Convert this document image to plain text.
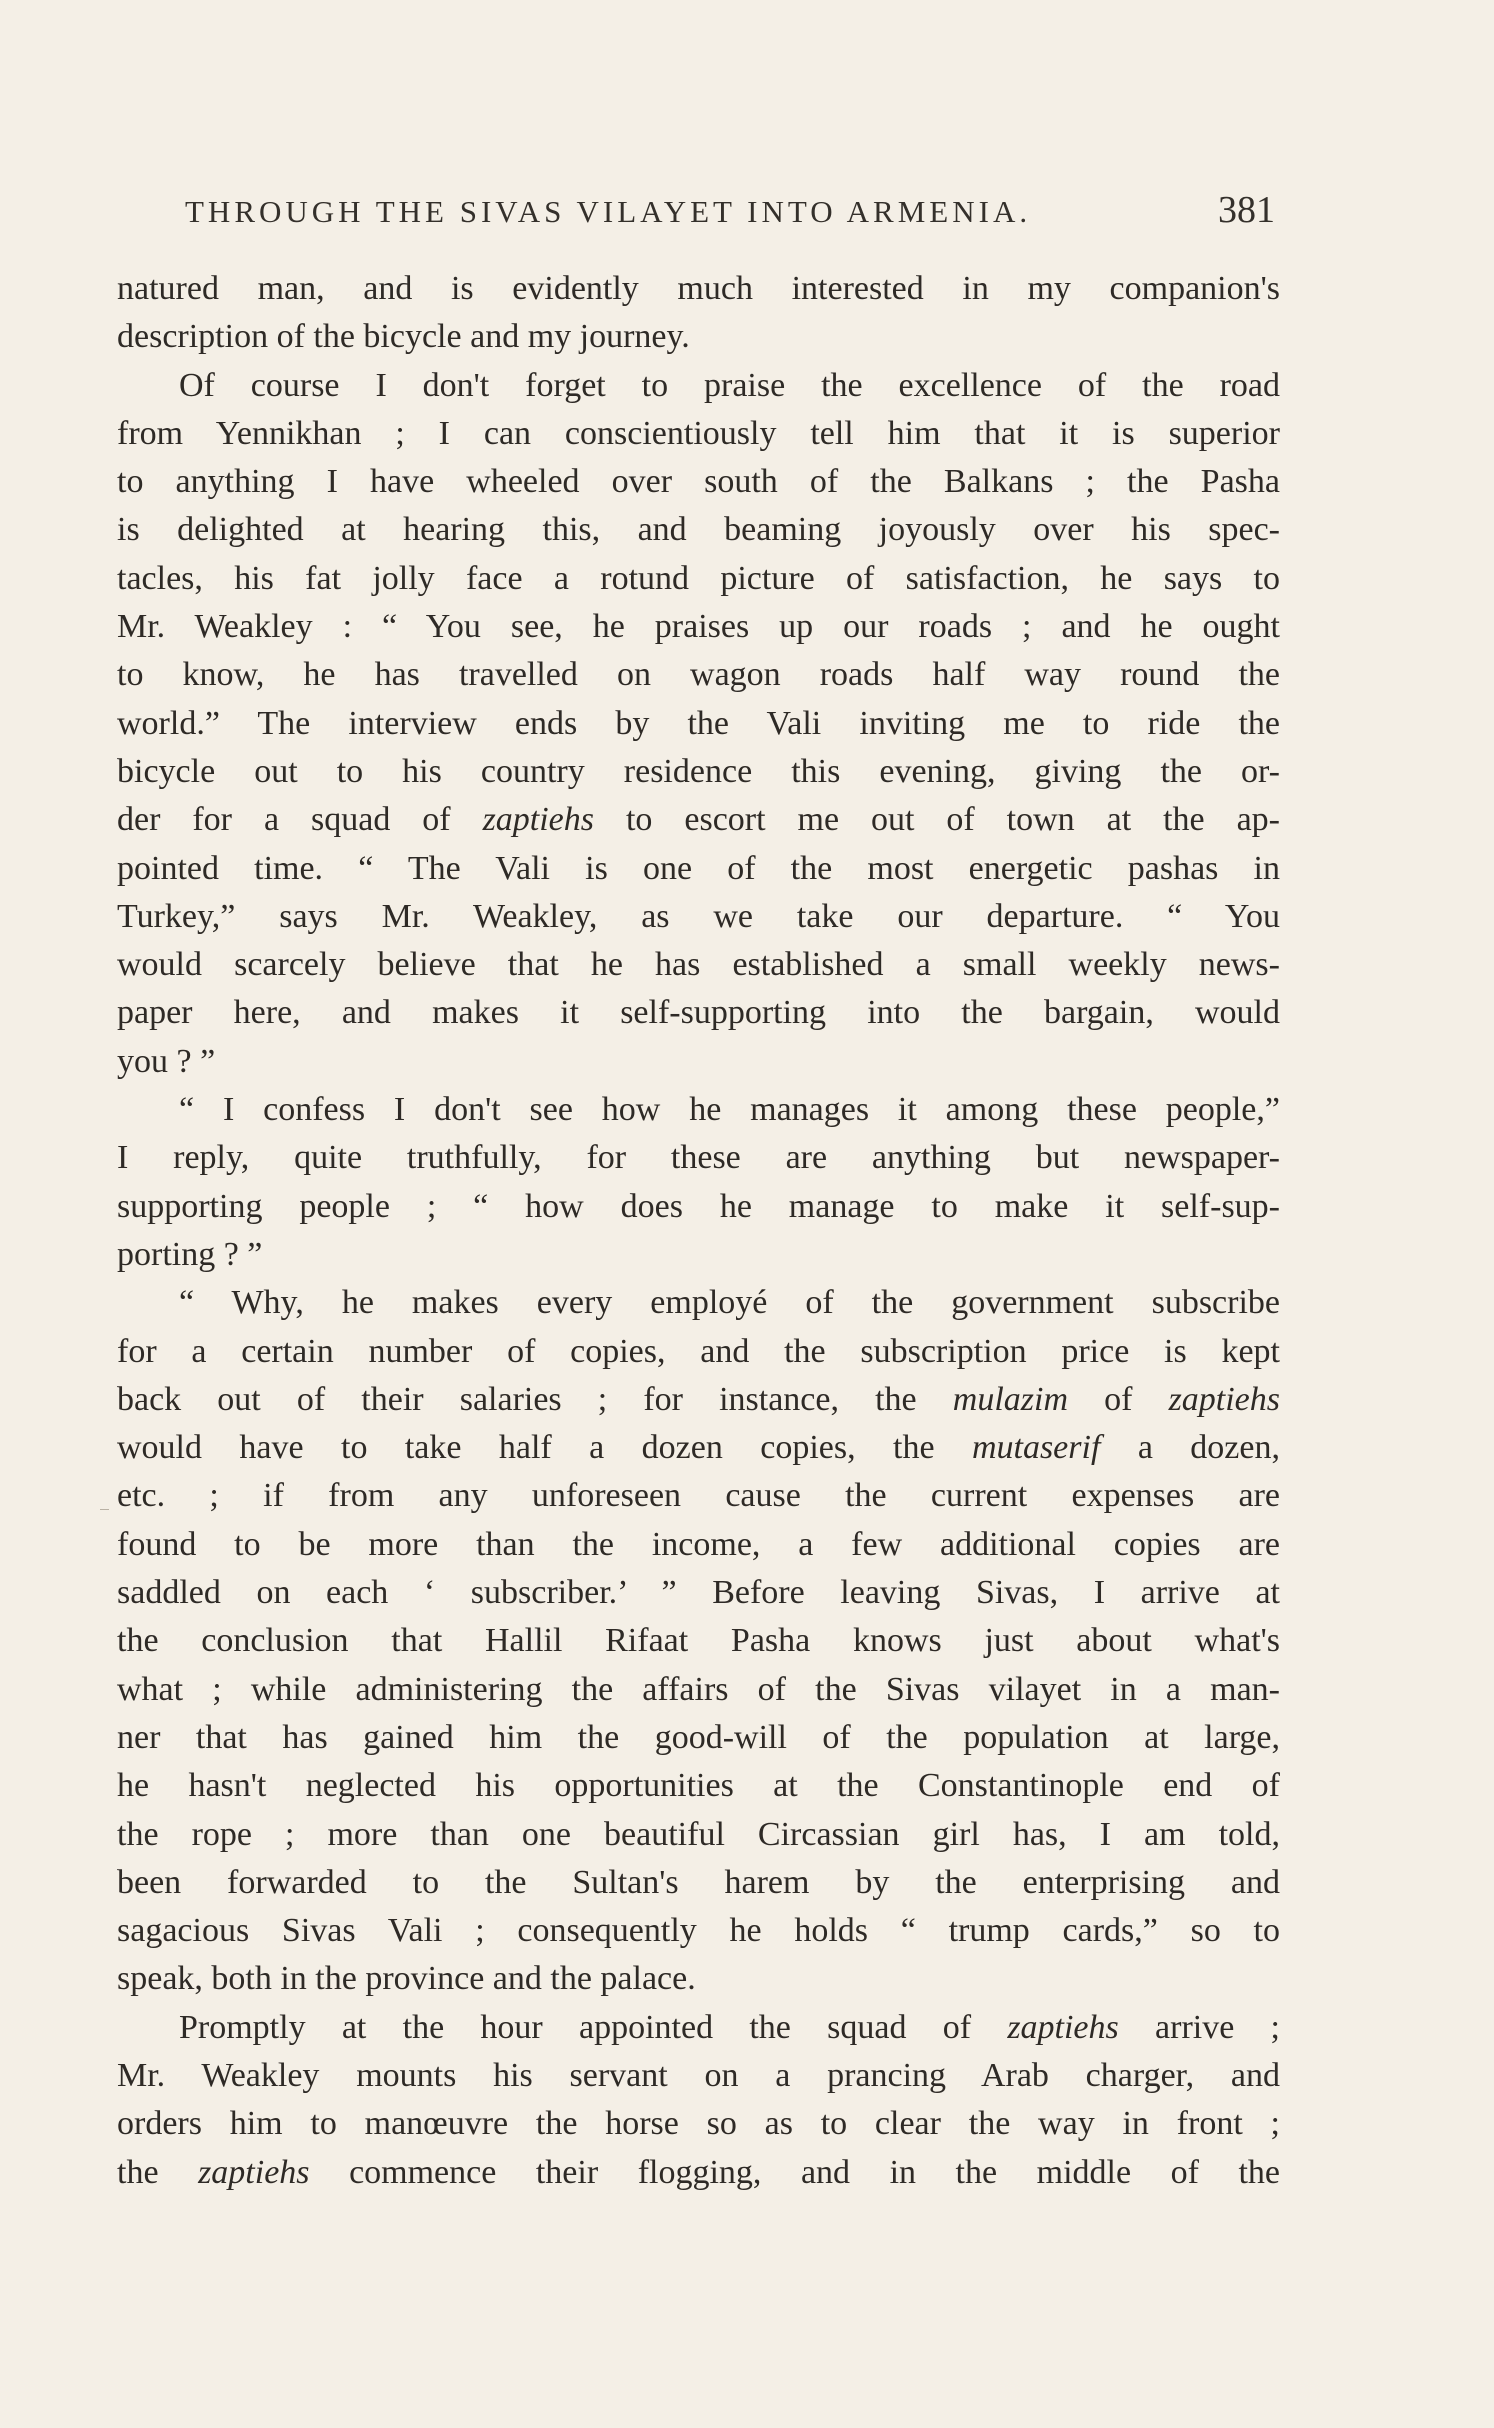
THROUGH THE SIVAS VILAYET INTO ARMENIA.	381

natured man, and is evidently much interested in my companion's
description of the bicycle and my journey.

Of course I don't forget to praise the excellence of the road
from Yennikhan ; I can conscientiously tell him that it is superior
to anything I have wheeled over south of the Balkans ; the Pasha
is delighted at hearing this, and beaming joyously over his spec-
tacles, his fat jolly face a rotund picture of satisfaction, he says to
Mr. Weakley : “ You see, he praises up our roads ; and he ought
to know, he has travelled on wagon roads half way round the
world.” The interview ends by the Vali inviting me to ride the
bicycle out to his country residence this evening, giving the or-
der for a squad of zaptiehs to escort me out of town at the ap-
pointed time. “ The Vali is one of the most energetic pashas in
Turkey,” says Mr. Weakley, as we take our departure. “ You
would scarcely believe that he has established a small weekly news-
paper here, and makes it self-supporting into the bargain, would
you ? ”

“ I confess I don't see how he manages it among these people,”
I reply, quite truthfully, for these are anything but newspaper-
supporting people ; “ how does he manage to make it self-sup-
porting ? ”

“ Why, he makes every employé of the government subscribe
for a certain number of copies, and the subscription price is kept
back out of their salaries ; for instance, the mulazim of zaptiehs
would have to take half a dozen copies, the mutaserif a dozen,
etc. ; if from any unforeseen cause the current expenses are
found to be more than the income, a few additional copies are
saddled on each ‘ subscriber.’ ” Before leaving Sivas, I arrive at
the conclusion that Hallil Rifaat Pasha knows just about what's
what ; while administering the affairs of the Sivas vilayet in a man-
ner that has gained him the good-will of the population at large,
he hasn't neglected his opportunities at the Constantinople end of
the rope ; more than one beautiful Circassian girl has, I am told,
been forwarded to the Sultan's harem by the enterprising and
sagacious Sivas Vali ; consequently he holds “ trump cards,” so to
speak, both in the province and the palace.

Promptly at the hour appointed the squad of zaptiehs arrive ;
Mr. Weakley mounts his servant on a prancing Arab charger, and
orders him to manœuvre the horse so as to clear the way in front ;
the zaptiehs commence their flogging, and in the middle of the
